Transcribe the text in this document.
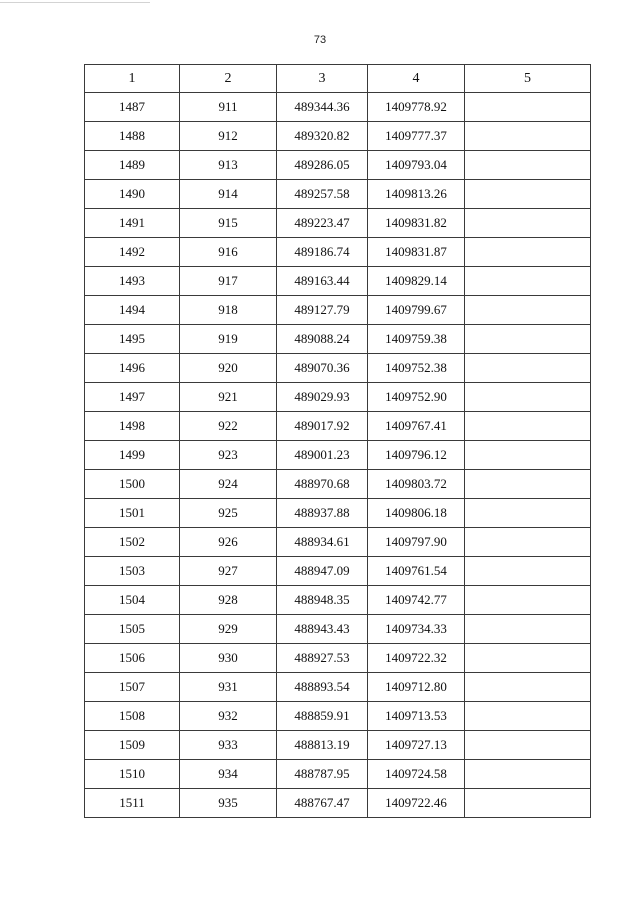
73
1	2	3	4	5
1487	911	489344.36	1409778.92	
1488	912	489320.82	1409777.37	
1489	913	489286.05	1409793.04	
1490	914	489257.58	1409813.26	
1491	915	489223.47	1409831.82	
1492	916	489186.74	1409831.87	
1493	917	489163.44	1409829.14	
1494	918	489127.79	1409799.67	
1495	919	489088.24	1409759.38	
1496	920	489070.36	1409752.38	
1497	921	489029.93	1409752.90	
1498	922	489017.92	1409767.41	
1499	923	489001.23	1409796.12	
1500	924	488970.68	1409803.72	
1501	925	488937.88	1409806.18	
1502	926	488934.61	1409797.90	
1503	927	488947.09	1409761.54	
1504	928	488948.35	1409742.77	
1505	929	488943.43	1409734.33	
1506	930	488927.53	1409722.32	
1507	931	488893.54	1409712.80	
1508	932	488859.91	1409713.53	
1509	933	488813.19	1409727.13	
1510	934	488787.95	1409724.58	
1511	935	488767.47	1409722.46	
